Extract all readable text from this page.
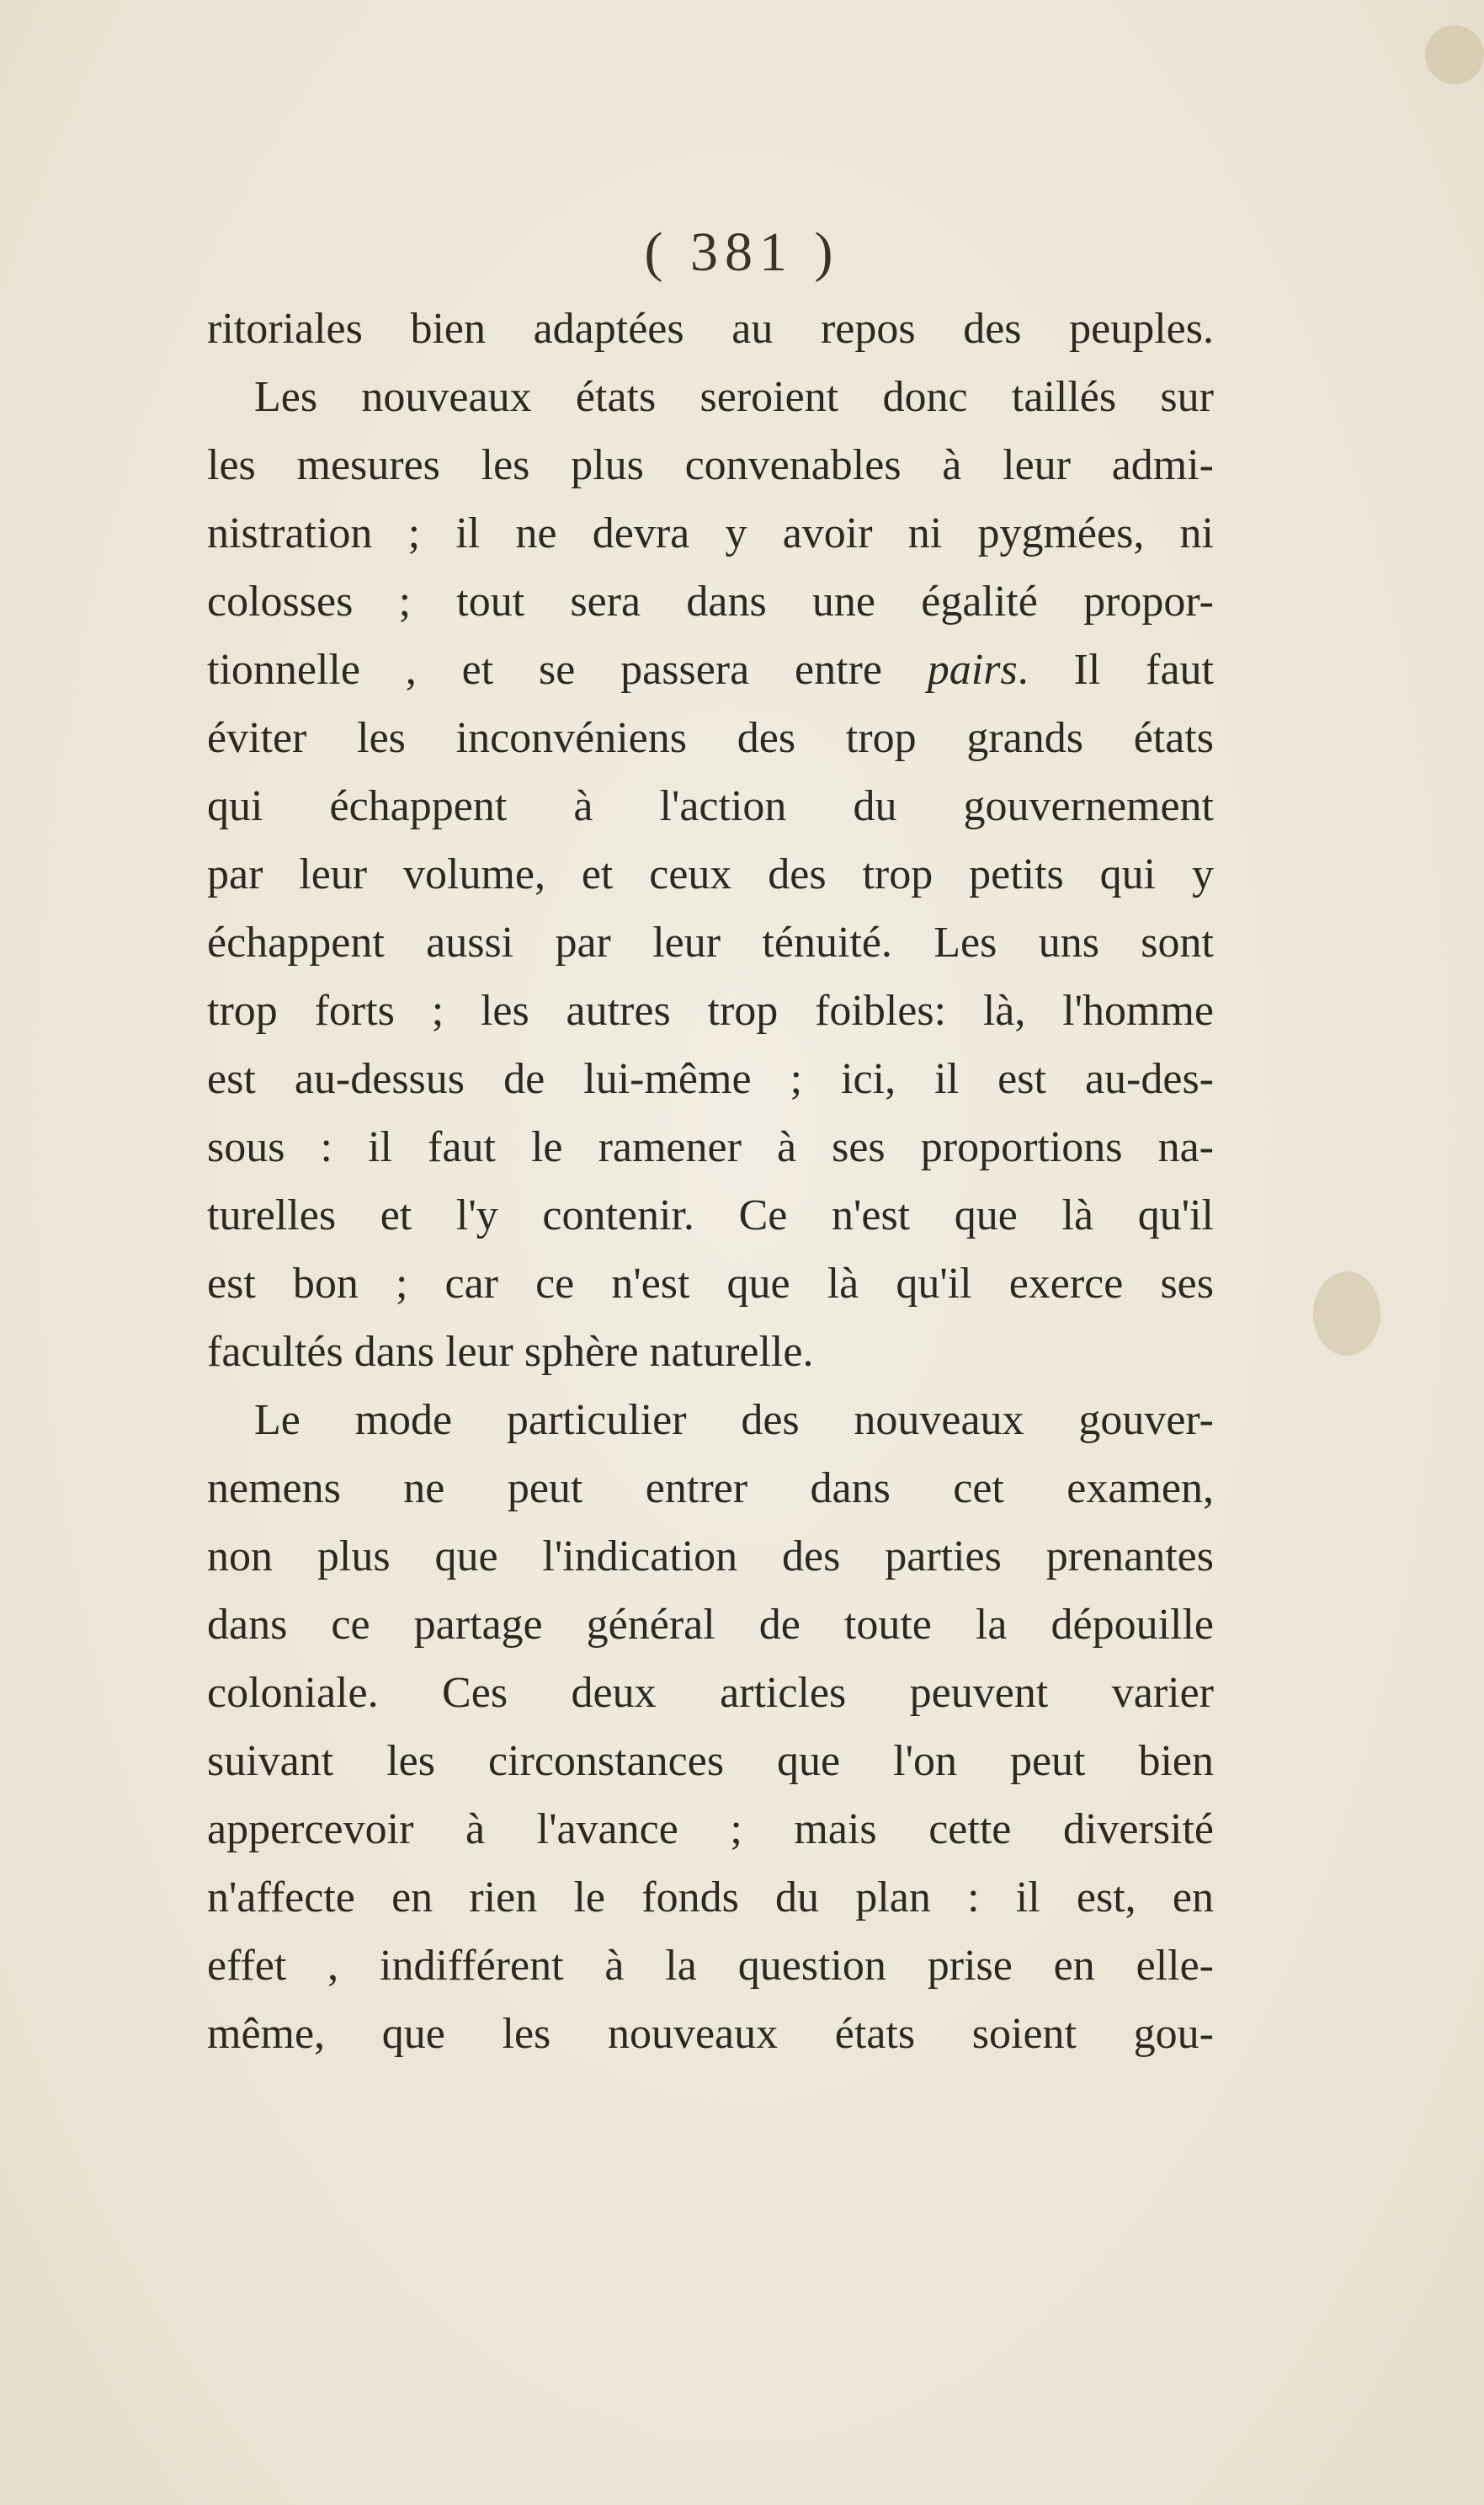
( 381 )
ritoriales bien adaptées au repos des peuples.
Les nouveaux états seroient donc taillés sur
les mesures les plus convenables à leur admi-
nistration ; il ne devra y avoir ni pygmées, ni
colosses ; tout sera dans une égalité propor-
tionnelle , et se passera entre pairs. Il faut
éviter les inconvéniens des trop grands états
qui échappent à l'action du gouvernement
par leur volume, et ceux des trop petits qui y
échappent aussi par leur ténuité. Les uns sont
trop forts ; les autres trop foibles: là, l'homme
est au-dessus de lui-même ; ici, il est au-des-
sous : il faut le ramener à ses proportions na-
turelles et l'y contenir. Ce n'est que là qu'il
est bon ; car ce n'est que là qu'il exerce ses
facultés dans leur sphère naturelle.
Le mode particulier des nouveaux gouver-
nemens ne peut entrer dans cet examen,
non plus que l'indication des parties prenantes
dans ce partage général de toute la dépouille
coloniale. Ces deux articles peuvent varier
suivant les circonstances que l'on peut bien
appercevoir à l'avance ; mais cette diversité
n'affecte en rien le fonds du plan : il est, en
effet , indifférent à la question prise en elle-
même, que les nouveaux états soient gou-
